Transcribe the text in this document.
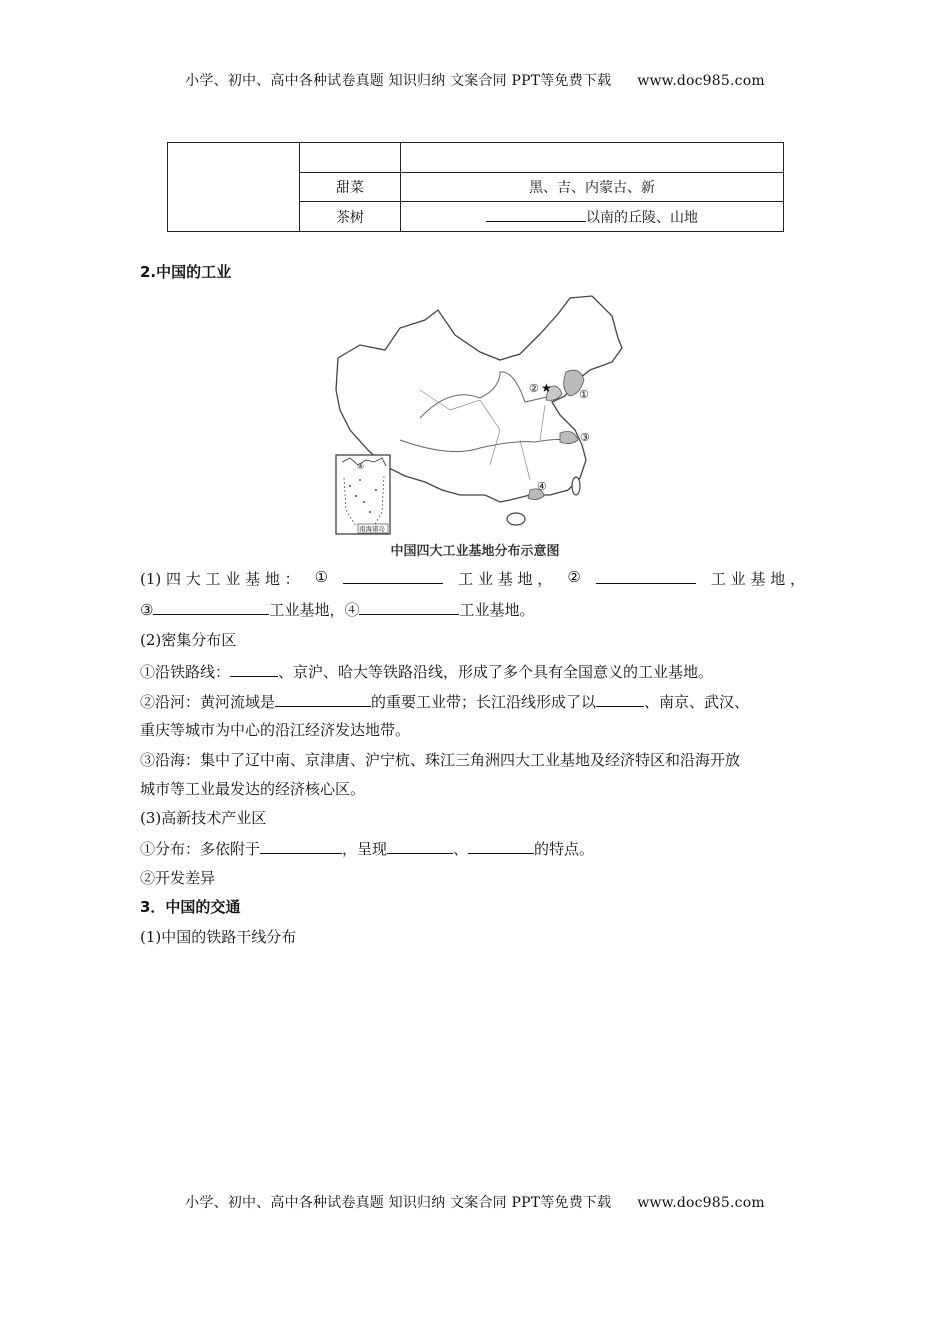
小学、初中、高中各种试卷真题 知识归纳 文案合同 PPT等免费下载 www.doc985.com

	甜菜	黑、吉、内蒙古、新
	茶树	以南的丘陵、山地
2.中国的工业
★
②	①
③
④
④
南海诸岛
中国四大工业基地分布示意图
(1) 四 大 工 业 基 地 ： ①	工 业 基 地 ， ②	工 业 基 地 ，
③	工业基地，④	工业基地。
(2)密集分布区
①沿铁路线：	、京沪、哈大等铁路沿线，形成了多个具有全国意义的工业基地。
②沿河：黄河流域是	的重要工业带；长江沿线形成了以	、南京、武汉、
重庆等城市为中心的沿江经济发达地带。
③沿海：集中了辽中南、京津唐、沪宁杭、珠江三角洲四大工业基地及经济特区和沿海开放
城市等工业最发达的经济核心区。
(3)高新技术产业区
①分布：多依附于	，呈现	、	的特点。
②开发差异
3．中国的交通
(1)中国的铁路干线分布
小学、初中、高中各种试卷真题 知识归纳 文案合同 PPT等免费下载 www.doc985.com
